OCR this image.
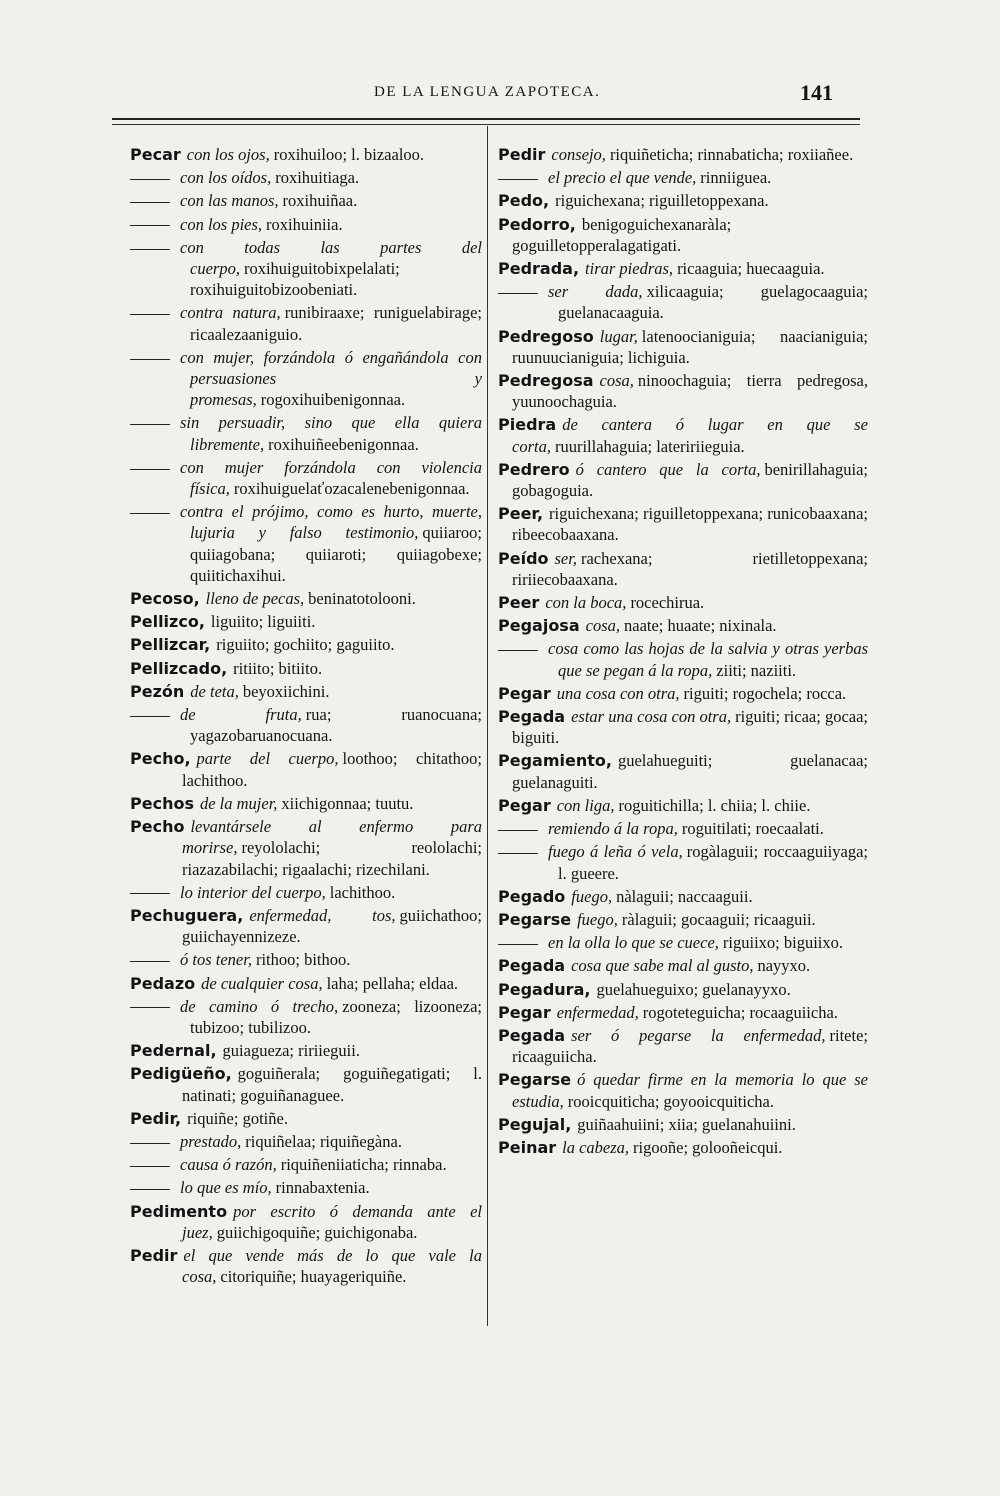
DE LA LENGUA ZAPOTECA.	141

Pecar con los ojos, roxihuiloo; l. bizaaloo.

con los oídos, roxihuitiaga.

con las manos, roxihuiñaa.

con los pies, roxihuiniia.

con todas las partes del cuerpo, roxihuiguitobixpelalati; roxihuiguitobizoobeniati.

contra natura, runibiraaxe; runiguelabirage; ricaalezaaniguio.

con mujer, forzándola ó engañándola con persuasiones y promesas, rogoxihuibenigonnaa.

sin persuadir, sino que ella quiera libremente, roxihuiñeebenigonnaa.

con mujer forzándola con violencia física, roxihuiguelaťozacalenebenigonnaa.

contra el prójimo, como es hurto, muerte, lujuria y falso testimonio, quiiaroo; quiiagobana; quiiaroti; quiiagobexe; quiitichaxihui.

Pecoso, lleno de pecas, beninatotolooni.

Pellizco, liguiito; liguiiti.

Pellizcar, riguiito; gochiito; gaguiito.

Pellizcado, ritiito; bitiito.

Pezón de teta, beyoxiichini.

de fruta, rua; ruanocuana; yagazobaruanocuana.

Pecho, parte del cuerpo, loothoo; chitathoo; lachithoo.

Pechos de la mujer, xiichigonnaa; tuutu.

Pecho levantársele al enfermo para morirse, reyololachi; reololachi; riazazabilachi; rigaalachi; rizechilani.

lo interior del cuerpo, lachithoo.

Pechuguera, enfermedad, tos, guiichathoo; guiichayennizeze.

ó tos tener, rithoo; bithoo.

Pedazo de cualquier cosa, laha; pellaha; eldaa.

de camino ó trecho, zooneza; lizooneza; tubizoo; tubilizoo.

Pedernal, guiagueza; ririieguii.

Pedigüeño, goguiñerala; goguiñegatigati; l. natinati; goguiñanaguee.

Pedir, riquiñe; gotiñe.

prestado, riquiñelaa; riquiñegàna.

causa ó razón, riquiñeniiaticha; rinnaba.

lo que es mío, rinnabaxtenia.

Pedimento por escrito ó demanda ante el juez, guiichigoquiñe; guichigonaba.

Pedir el que vende más de lo que vale la cosa, citoriquiñe; huayageriquiñe.

Pedir consejo, riquiñeticha; rinnabaticha; roxiiañee.

el precio el que vende, rinniiguea.

Pedo, riguichexana; riguilletoppexana.

Pedorro, benigoguichexanaràla; goguilletopperalagatigati.

Pedrada, tirar piedras, ricaaguia; huecaaguia.

ser dada, xilicaaguia; guelagocaaguia; guelanacaaguia.

Pedregoso lugar, latenoocianiguia; naacianiguia; ruunuucianiguia; lichiguia.

Pedregosa cosa, ninoochaguia; tierra pedregosa, yuunoochaguia.

Piedra de cantera ó lugar en que se corta, ruurillahaguia; lateririieguia.

Pedrero ó cantero que la corta, benirillahaguia; gobagoguia.

Peer, riguichexana; riguilletoppexana; runicobaaxana; ribeecobaaxana.

Peído ser, rachexana; rietilletoppexana; ririiecobaaxana.

Peer con la boca, rocechirua.

Pegajosa cosa, naate; huaate; nixinala.

cosa como las hojas de la salvia y otras yerbas que se pegan á la ropa, ziiti; naziiti.

Pegar una cosa con otra, riguiti; rogochela; rocca.

Pegada estar una cosa con otra, riguiti; ricaa; gocaa; biguiti.

Pegamiento, guelahueguiti; guelanacaa; guelanaguiti.

Pegar con liga, roguitichilla; l. chiia; l. chiie.

remiendo á la ropa, roguitilati; roecaalati.

fuego á leña ó vela, rogàlaguii; roccaaguiiyaga; l. gueere.

Pegado fuego, nàlaguii; naccaaguii.

Pegarse fuego, ràlaguii; gocaaguii; ricaaguii.

en la olla lo que se cuece, riguiixo; biguiixo.

Pegada cosa que sabe mal al gusto, nayyxo.

Pegadura, guelahueguixo; guelanayyxo.

Pegar enfermedad, rogoteteguicha; rocaaguiicha.

Pegada ser ó pegarse la enfermedad, ritete; ricaaguiicha.

Pegarse ó quedar firme en la memoria lo que se estudia, rooicquiticha; goyooicquiticha.

Pegujal, guiñaahuiini; xiia; guelanahuiini.

Peinar la cabeza, rigooñe; golooñeicqui.
